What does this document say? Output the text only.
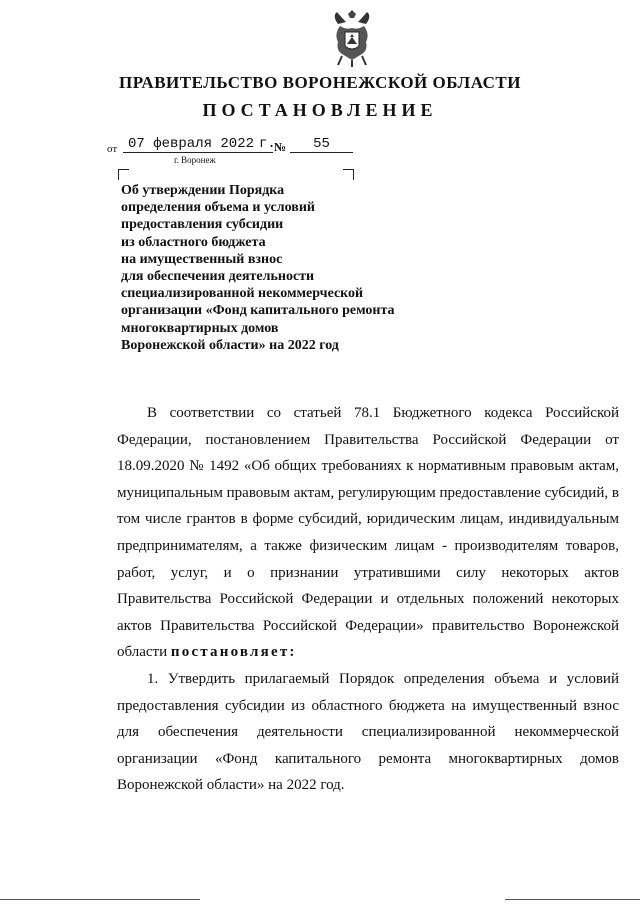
ПРАВИТЕЛЬСТВО ВОРОНЕЖСКОЙ ОБЛАСТИ
ПОСТАНОВЛЕНИЕ
от 07 февраля 2022 г.
№	55
г. Воронеж
Об утверждении Порядка
определения объема и условий
предоставления субсидии
из областного бюджета
на имущественный взнос
для обеспечения деятельности
специализированной некоммерческой
организации «Фонд капитального ремонта
многоквартирных домов
Воронежской области» на 2022 год
В соответствии со статьей 78.1 Бюджетного кодекса Российской Федерации, постановлением Правительства Российской Федерации от 18.09.2020 № 1492 «Об общих требованиях к нормативным правовым актам, муниципальным правовым актам, регулирующим предоставление субсидий, в том числе грантов в форме субсидий, юридическим лицам, индивидуальным предпринимателям, а также физическим лицам - производителям товаров, работ, услуг, и о признании утратившими силу некоторых актов Правительства Российской Федерации и отдельных положений некоторых актов Правительства Российской Федерации» правительство Воронежской
области постановляет:
1. Утвердить прилагаемый Порядок определения объема и условий предоставления субсидии из областного бюджета на имущественный взнос для обеспечения деятельности специализированной некоммерческой организации «Фонд капитального ремонта многоквартирных домов Воронежской области» на 2022 год.
